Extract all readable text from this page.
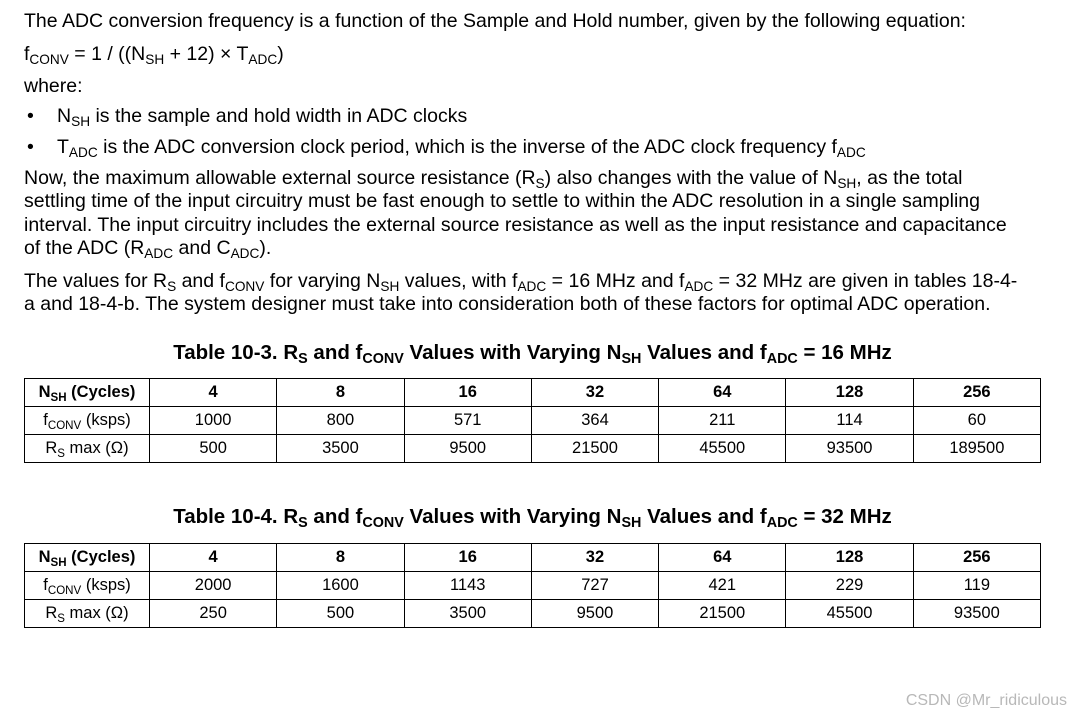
The ADC conversion frequency is a function of the Sample and Hold number, given by the following equation:

$f_{CONV} = 1 / ((N_{SH} + 12) \times T_{ADC})$

where:

• $N_{SH}$ is the sample and hold width in ADC clocks
• $T_{ADC}$ is the ADC conversion clock period, which is the inverse of the ADC clock frequency $f_{ADC}$

Now, the maximum allowable external source resistance $(R_S)$ also changes with the value of $N_{SH}$, as the total settling time of the input circuitry must be fast enough to settle to within the ADC resolution in a single sampling interval. The input circuitry includes the external source resistance as well as the input resistance and capacitance of the ADC ($R_{ADC}$ and $C_{ADC}$).

The values for $R_S$ and $f_{CONV}$ for varying $N_{SH}$ values, with $f_{ADC} = 16$ MHz and $f_{ADC} = 32$ MHz are given in tables 18-4-a and 18-4-b. The system designer must take into consideration both of these factors for optimal ADC operation.

Table 10-3. $R_S$ and $f_{CONV}$ Values with Varying $N_{SH}$ Values and $f_{ADC} = 16$ MHz

$N_{SH}$ (Cycles)	4	8	16	32	64	128	256
$f_{CONV}$ (ksps)	1000	800	571	364	211	114	60
$R_S$ max (Ω)	500	3500	9500	21500	45500	93500	189500

Table 10-4. $R_S$ and $f_{CONV}$ Values with Varying $N_{SH}$ Values and $f_{ADC} = 32$ MHz

$N_{SH}$ (Cycles)	4	8	16	32	64	128	256
$f_{CONV}$ (ksps)	2000	1600	1143	727	421	229	119
$R_S$ max (Ω)	250	500	3500	9500	21500	45500	93500
CSDN @Mr_ridiculous
